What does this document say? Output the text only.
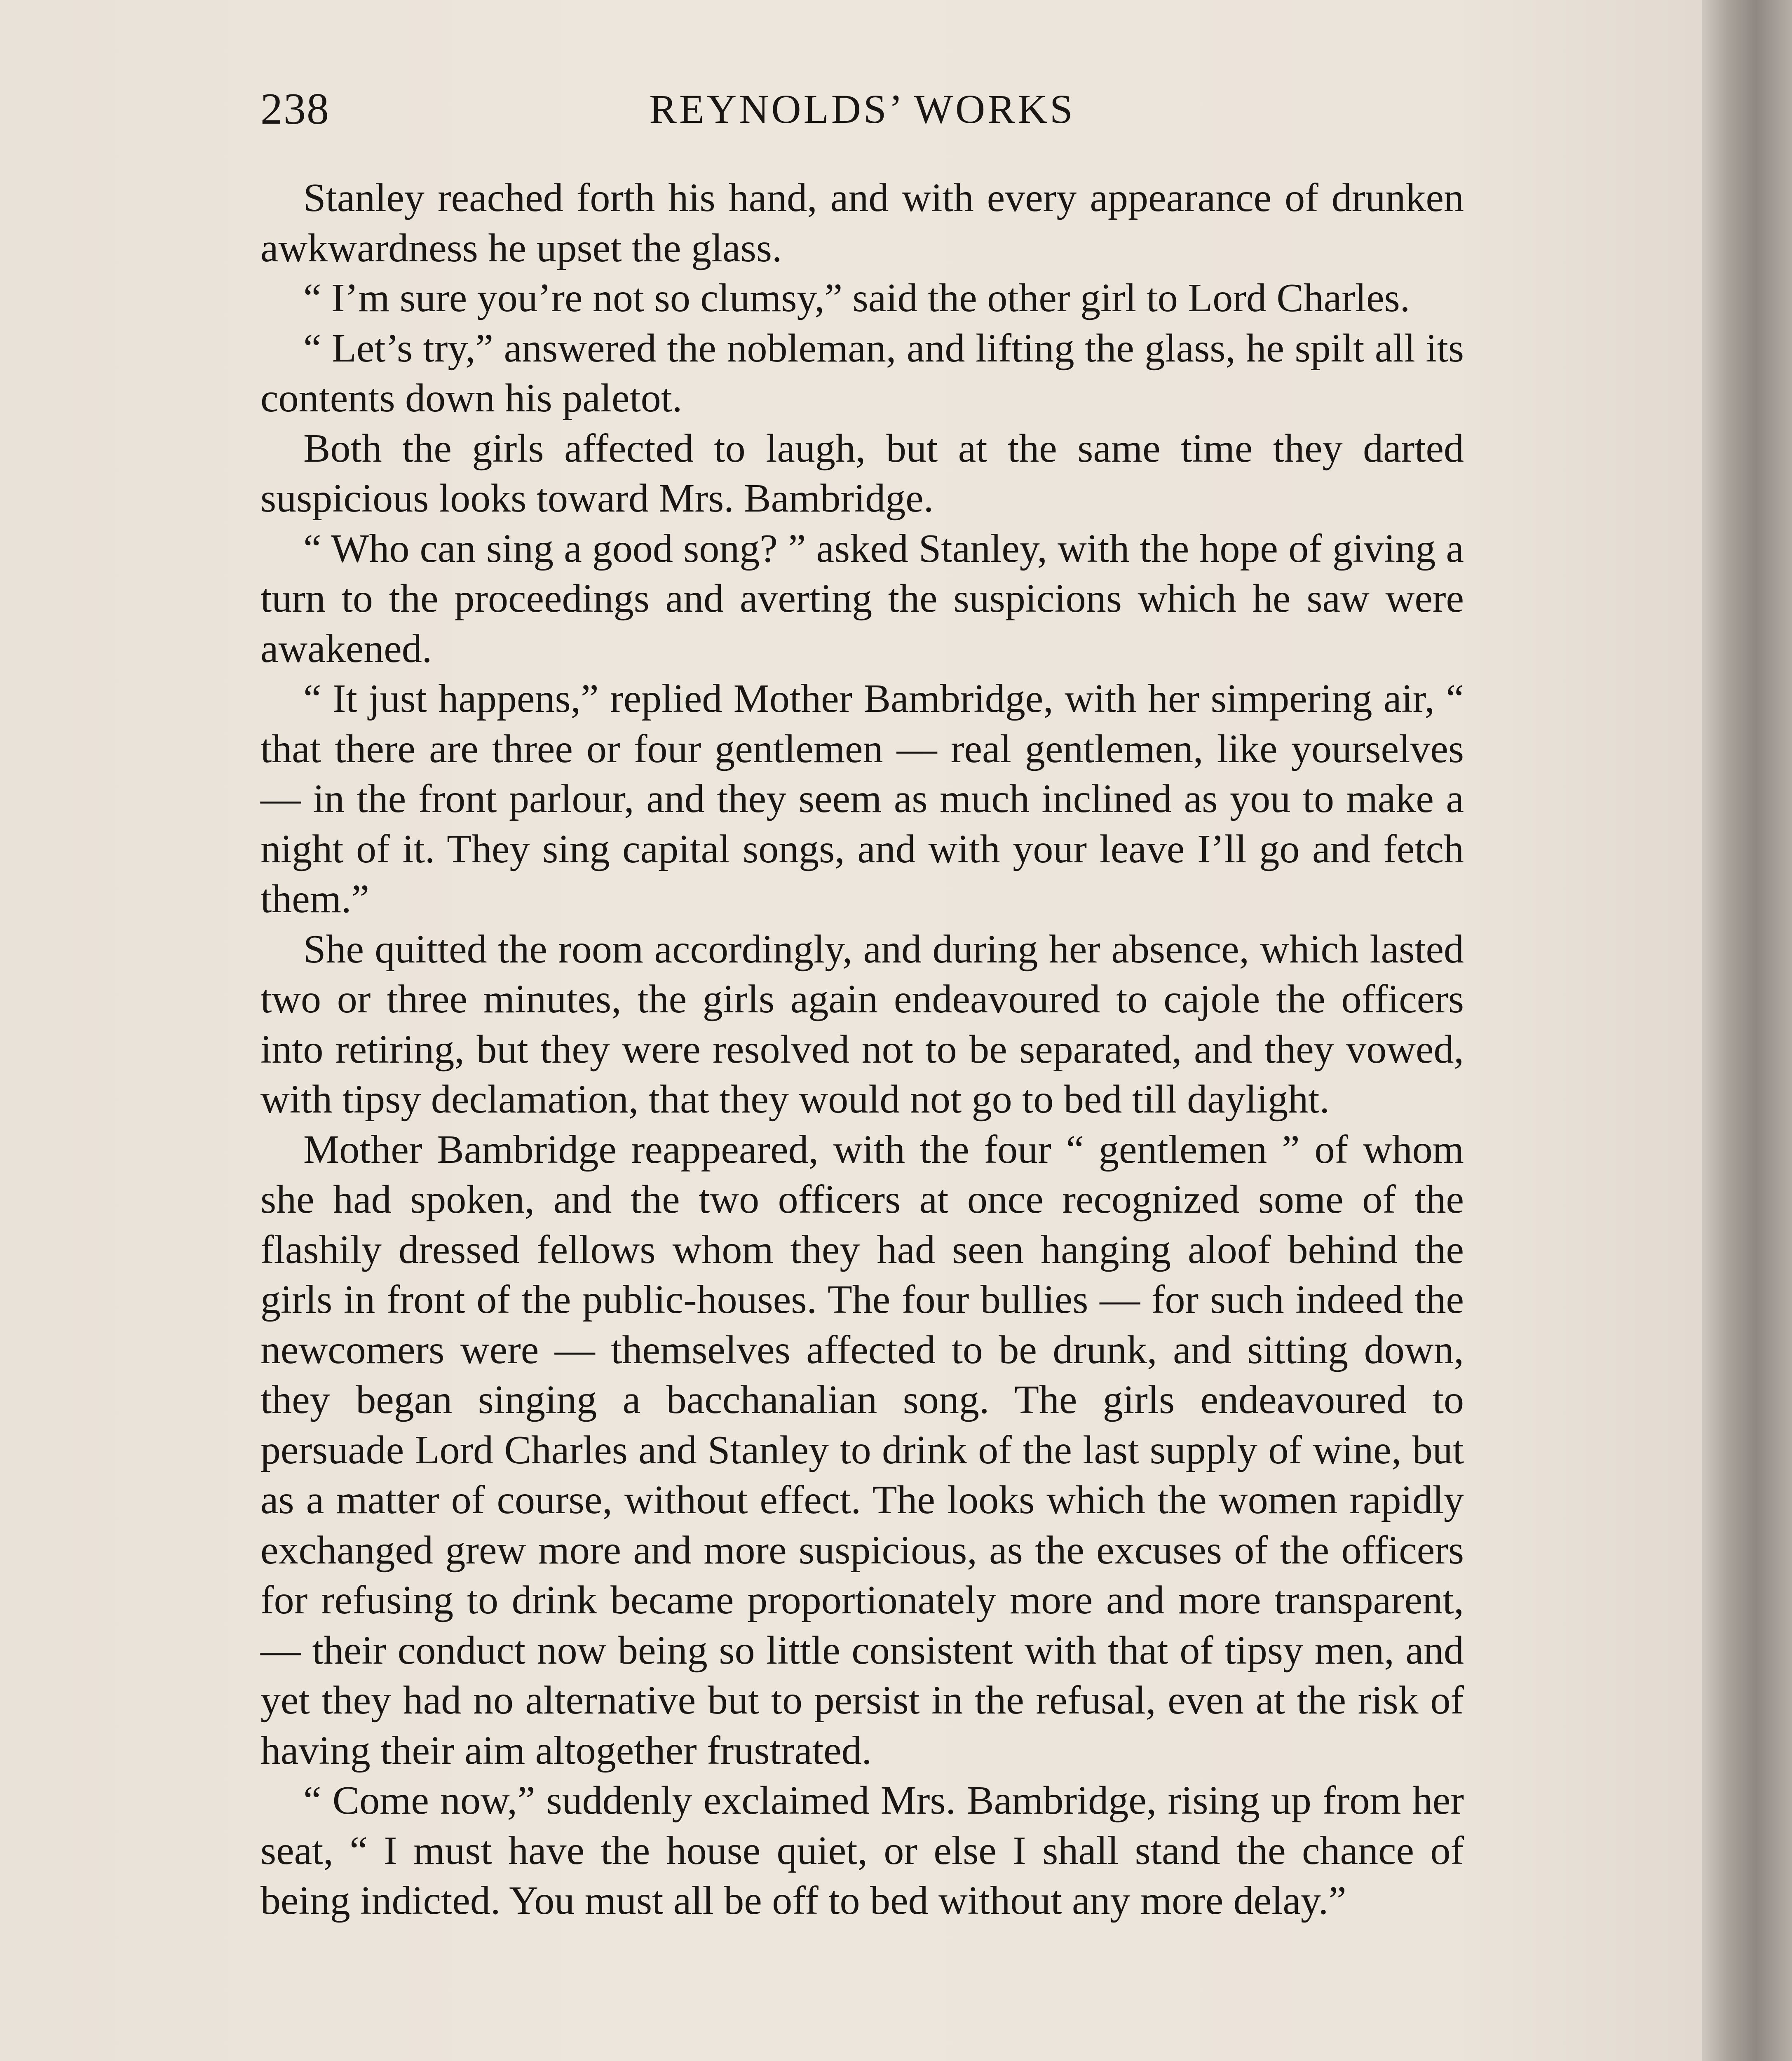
238	REYNOLDS’ WORKS

Stanley reached forth his hand, and with every appearance of drunken awkwardness he upset the glass.

“ I’m sure you’re not so clumsy,” said the other girl to Lord Charles.

“ Let’s try,” answered the nobleman, and lifting the glass, he spilt all its contents down his paletot.

Both the girls affected to laugh, but at the same time they darted suspicious looks toward Mrs. Bambridge.

“ Who can sing a good song? ” asked Stanley, with the hope of giving a turn to the proceedings and averting the suspicions which he saw were awakened.

“ It just happens,” replied Mother Bambridge, with her simpering air, “ that there are three or four gentlemen — real gentlemen, like yourselves — in the front parlour, and they seem as much inclined as you to make a night of it. They sing capital songs, and with your leave I’ll go and fetch them.”

She quitted the room accordingly, and during her absence, which lasted two or three minutes, the girls again endeavoured to cajole the officers into retiring, but they were resolved not to be separated, and they vowed, with tipsy declamation, that they would not go to bed till daylight.

Mother Bambridge reappeared, with the four “ gentlemen ” of whom she had spoken, and the two officers at once recognized some of the flashily dressed fellows whom they had seen hanging aloof behind the girls in front of the public-houses. The four bullies — for such indeed the newcomers were — themselves affected to be drunk, and sitting down, they began singing a bacchanalian song. The girls endeavoured to persuade Lord Charles and Stanley to drink of the last supply of wine, but as a matter of course, without effect. The looks which the women rapidly exchanged grew more and more suspicious, as the excuses of the officers for refusing to drink became proportionately more and more transparent, — their conduct now being so little consistent with that of tipsy men, and yet they had no alternative but to persist in the refusal, even at the risk of having their aim altogether frustrated.

“ Come now,” suddenly exclaimed Mrs. Bambridge, rising up from her seat, “ I must have the house quiet, or else I shall stand the chance of being indicted. You must all be off to bed without any more delay.”
